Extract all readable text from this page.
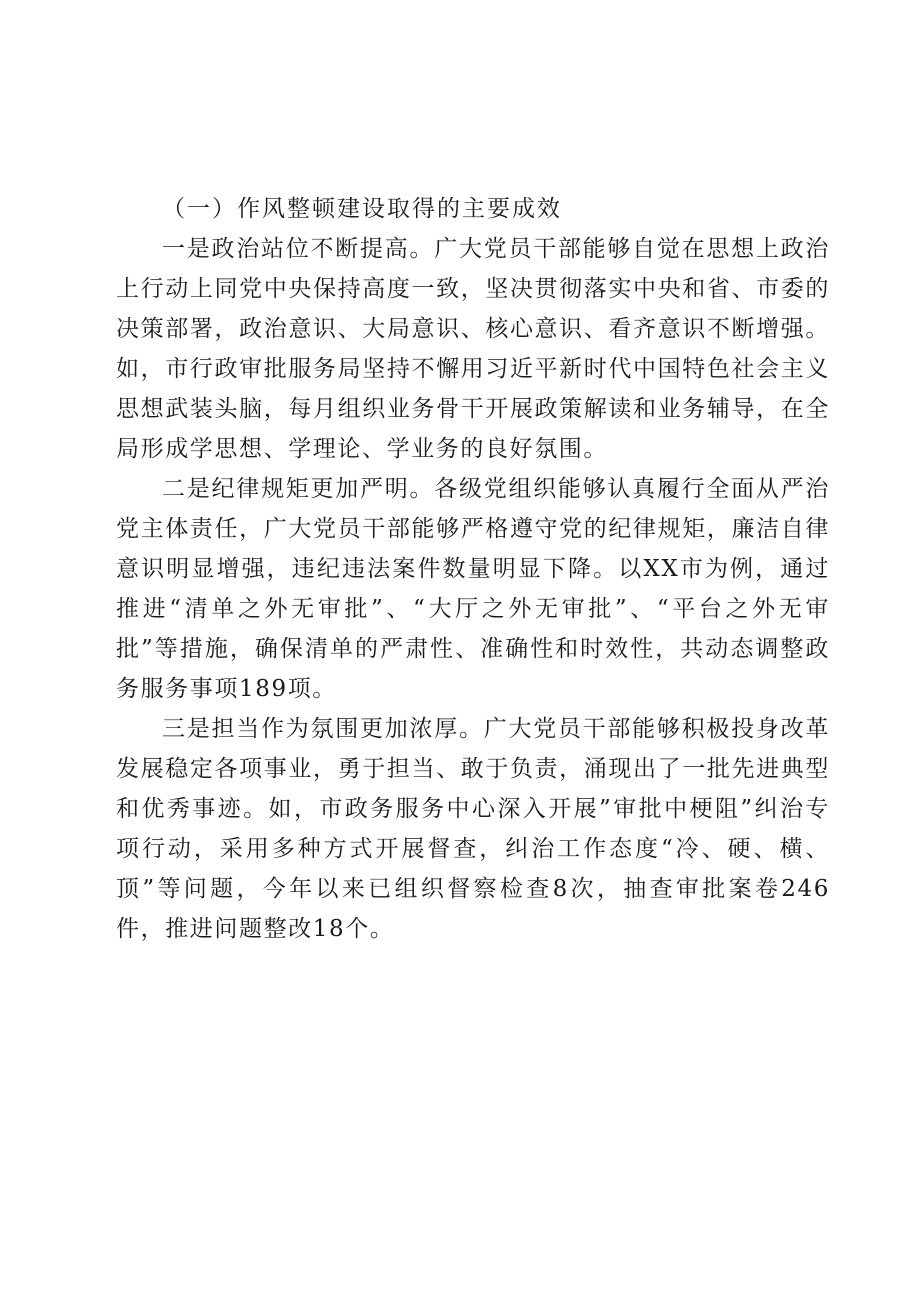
（一）作风整顿建设取得的主要成效

一是政治站位不断提高。广大党员干部能够自觉在思想上政治上行动上同党中央保持高度一致，坚决贯彻落实中央和省、市委的决策部署，政治意识、大局意识、核心意识、看齐意识不断增强。如，市行政审批服务局坚持不懈用习近平新时代中国特色社会主义思想武装头脑，每月组织业务骨干开展政策解读和业务辅导，在全局形成学思想、学理论、学业务的良好氛围。

二是纪律规矩更加严明。各级党组织能够认真履行全面从严治党主体责任，广大党员干部能够严格遵守党的纪律规矩，廉洁自律意识明显增强，违纪违法案件数量明显下降。以XX市为例，通过推进“清单之外无审批”、“大厅之外无审批”、“平台之外无审批”等措施，确保清单的严肃性、准确性和时效性，共动态调整政务服务事项189项。

三是担当作为氛围更加浓厚。广大党员干部能够积极投身改革发展稳定各项事业，勇于担当、敢于负责，涌现出了一批先进典型和优秀事迹。如，市政务服务中心深入开展”审批中梗阻”纠治专项行动，采用多种方式开展督查，纠治工作态度“冷、硬、横、顶”等问题，今年以来已组织督察检查8次，抽查审批案卷246件，推进问题整改18个。
